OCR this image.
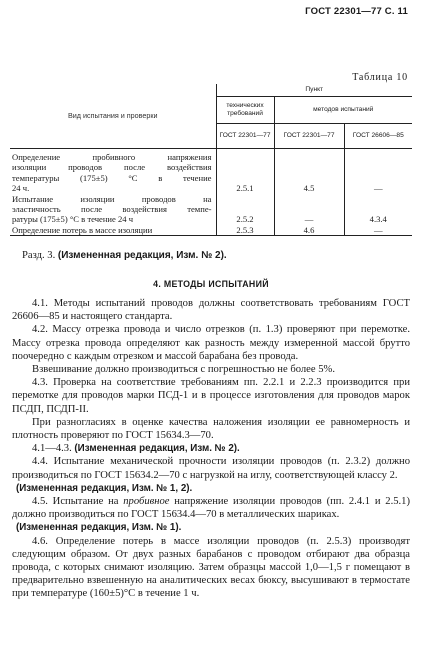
ГОСТ 22301—77 С. 11
Таблица 10
Вид испытания и проверки	Пункт		
	технических требований	методов испытаний	
	ГОСТ 22301—77	ГОСТ 22301—77	ГОСТ 26606—85
Определение пробивного напряжения			
изоляции проводов после воздействия			
температуры (175±5) °С в течение			
24 ч.	2.5.1	4.5	—
Испытание изоляции проводов на			
эластичность после воздействия темпе-			
ратуры (175±5) °С в течение 24 ч	2.5.2	—	4.3.4
Определение потерь в массе изоляции	2.5.3	4.6	—
Разд. 3. (Измененная редакция, Изм. № 2).
4. МЕТОДЫ ИСПЫТАНИЙ

4.1. Методы испытаний проводов должны соответствовать требованиям ГОСТ 26606—85 и настоящего стандарта.

4.2. Массу отрезка провода и число отрезков (п. 1.3) проверяют при перемотке. Массу отрезка провода определяют как разность между измеренной массой брутто поочередно с каждым отрезком и массой барабана без провода.

Взвешивание должно производиться с погрешностью не более 5%.

4.3. Проверка на соответствие требованиям пп. 2.2.1 и 2.2.3 производится при перемотке для проводов марки ПСД-1 и в процессе изготовления для проводов марок ПСДП, ПСДП-II.

При разногласиях в оценке качества наложения изоляции ее равномерность и плотность проверяют по ГОСТ 15634.3—70.

4.1—4.3. (Измененная редакция, Изм. № 2).

4.4. Испытание механической прочности изоляции проводов (п. 2.3.2) должно производиться по ГОСТ 15634.2—70 с нагрузкой на иглу, соответствующей классу 2.

(Измененная редакция, Изм. № 1, 2).

4.5. Испытание на пробивное напряжение изоляции проводов (пп. 2.4.1 и 2.5.1) должно производиться по ГОСТ 15634.4—70 в металлических шариках.

(Измененная редакция, Изм. № 1).

4.6. Определение потерь в массе изоляции проводов (п. 2.5.3) производят следующим образом. От двух разных барабанов с проводом отбирают два образца провода, с которых снимают изоляцию. Затем образцы массой 1,0—1,5 г помещают в предварительно взвешенную на аналитических весах бюксу, высушивают в термостате при температуре (160±5)°С в течение 1 ч.
